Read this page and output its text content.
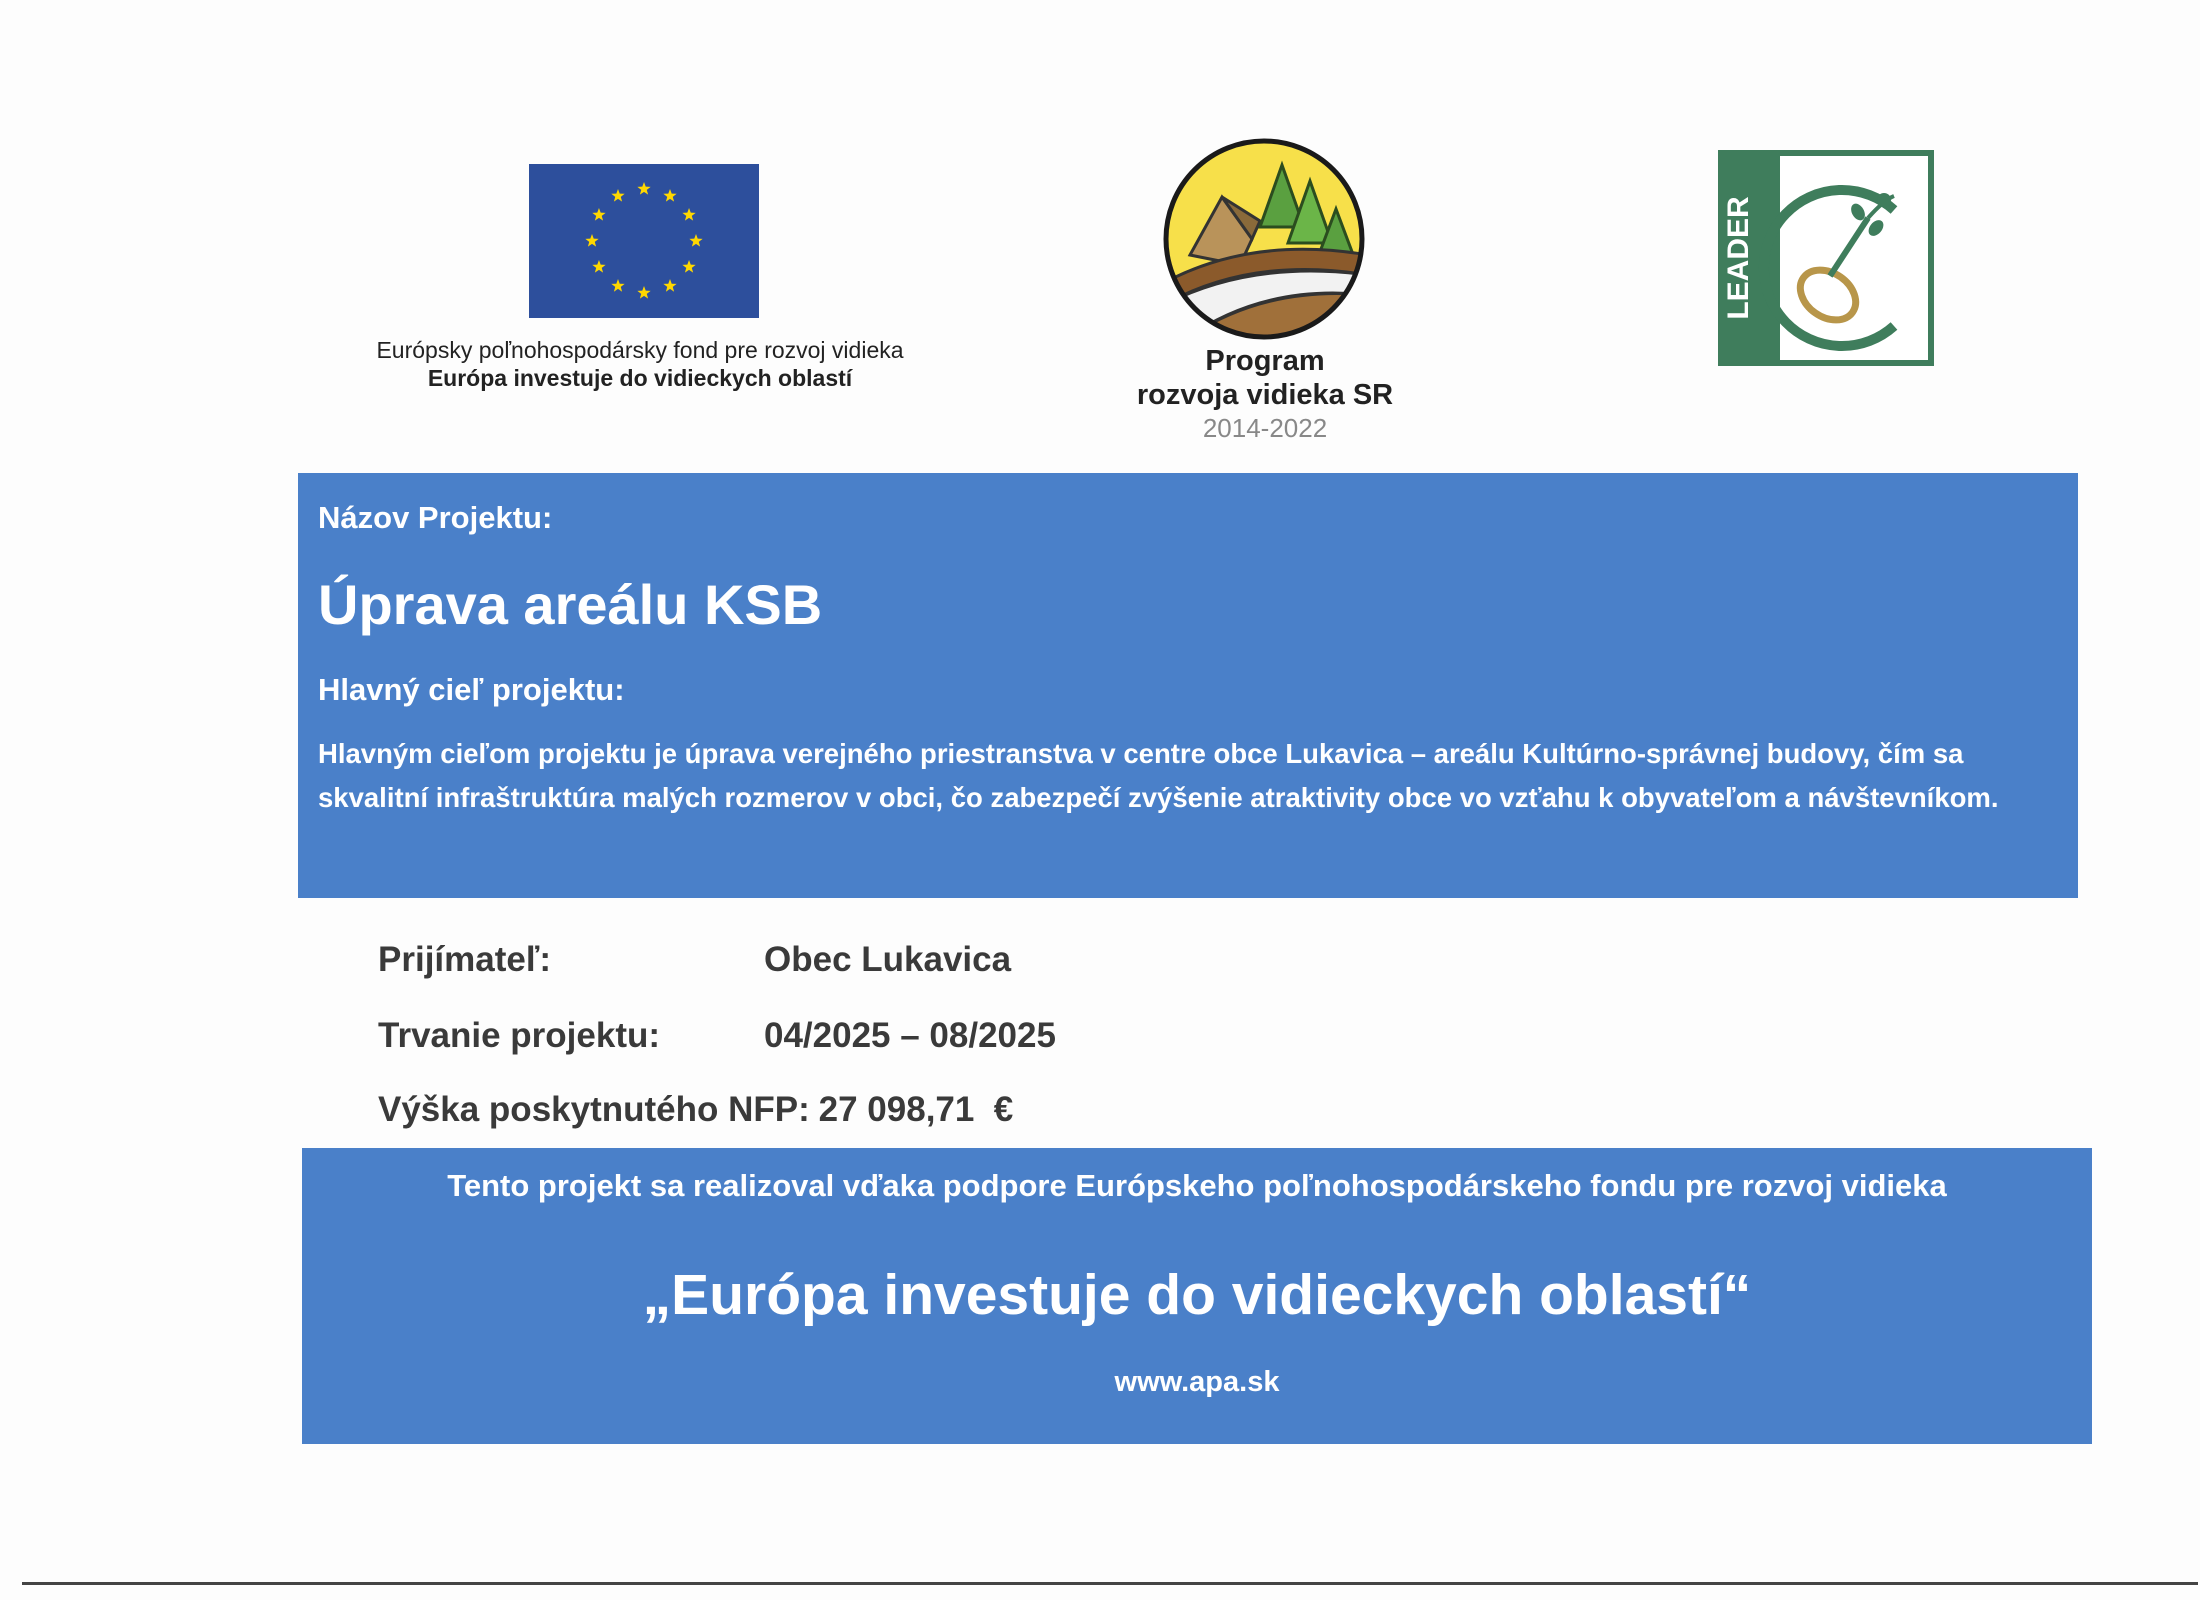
Európsky poľnohospodársky fond pre rozvoj vidieka
Európa investuje do vidieckych oblastí
Program
rozvoja vidieka SR
2014-2022
LEADER
Názov Projektu:
Úprava areálu KSB
Hlavný cieľ projektu:
Hlavným cieľom projektu je úprava verejného priestranstva v centre obce Lukavica – areálu Kultúrno-správnej budovy, čím sa skvalitní infraštruktúra malých rozmerov v obci, čo zabezpečí zvýšenie atraktivity obce vo vzťahu k obyvateľom a návštevníkom.
Prijímateľ:	Obec Lukavica
Trvanie projektu:	04/2025 – 08/2025
Výška poskytnutého NFP: 27 098,71  €
Tento projekt sa realizoval vďaka podpore Európskeho poľnohospodárskeho fondu pre rozvoj vidieka
„Európa investuje do vidieckych oblastí“
www.apa.sk
